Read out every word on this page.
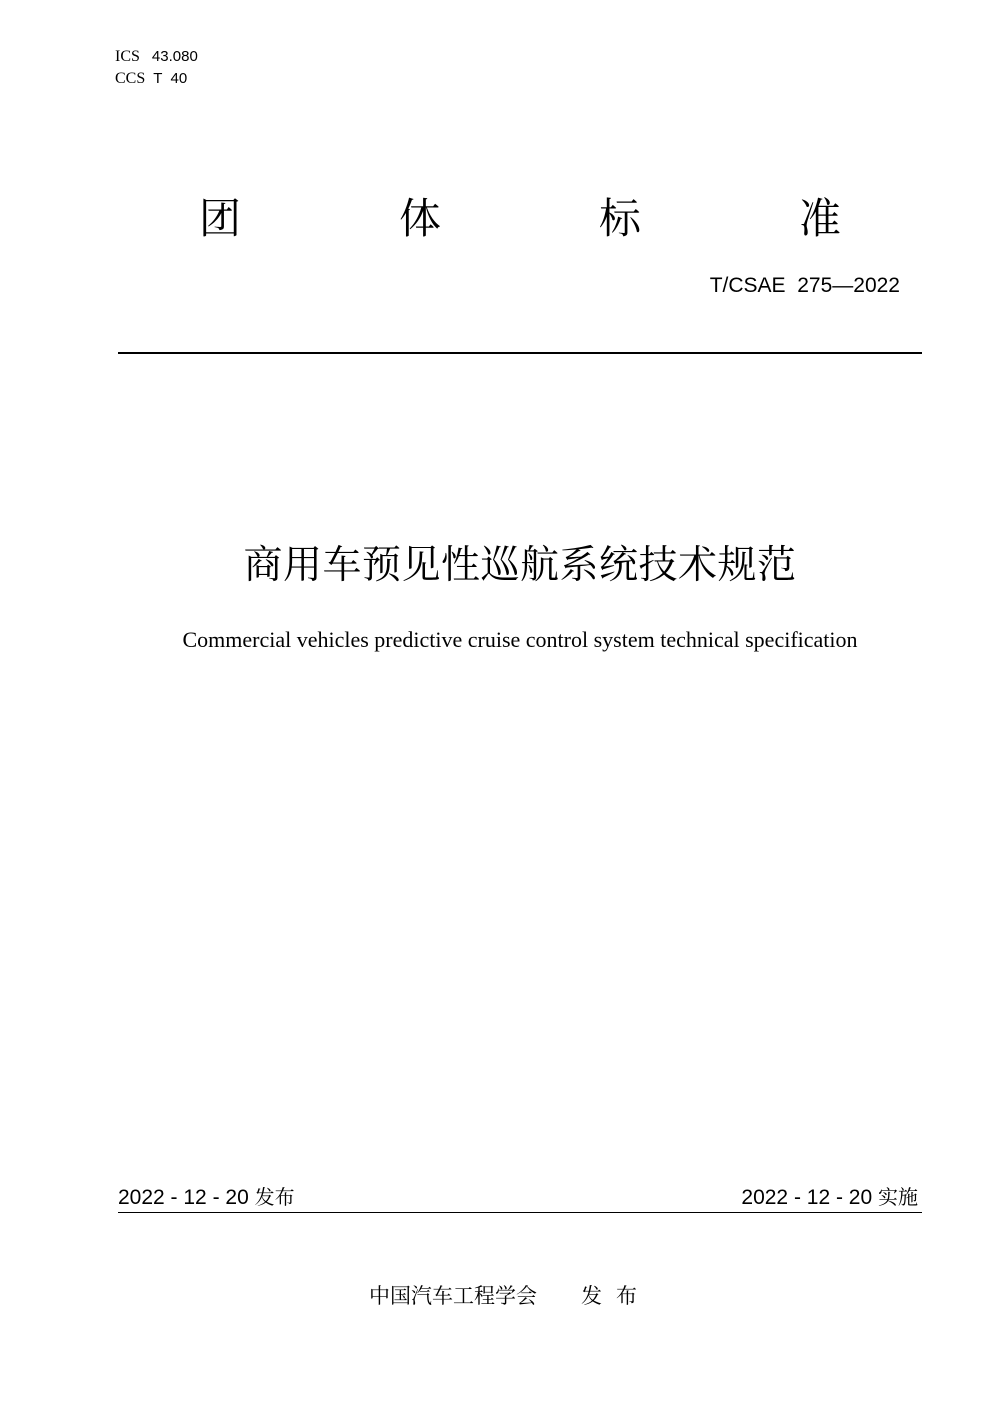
ICS 43.080
CCS T  40
团	体	标	准
T/CSAE  275—2022
商用车预见性巡航系统技术规范
Commercial vehicles predictive cruise control system technical specification
2022 - 12 - 20 发布	2022 - 12 - 20 实施
中国汽车工程学会 发布
